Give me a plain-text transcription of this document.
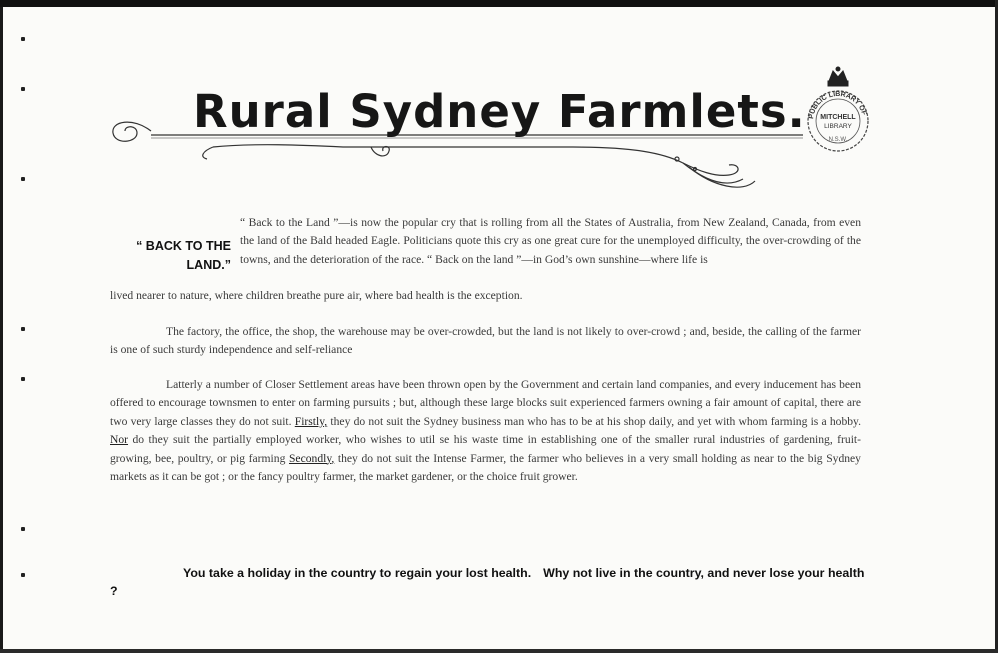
Rural Sydney Farmlets. PUBLIC LIBRARY OF
MITCHELL
LIBRARY
N.S.W.
“ BACK TO THE
LAND.”

“ Back to the Land ”—is now the popular cry that is rolling from all the States of Australia, from New Zealand, Canada, from even the land of the Bald headed Eagle. Politicians quote this cry as one great cure for the unemployed difficulty, the over-crowding of the towns, and the deterioration of the race. “ Back on the land ”—in God’s own sunshine—where life is

lived nearer to nature, where children breathe pure air, where bad health is the exception.

The factory, the office, the shop, the warehouse may be over-crowded, but the land is not likely to over-crowd ; and, beside, the calling of the farmer is one of such sturdy independence and self-reliance

Latterly a number of Closer Settlement areas have been thrown open by the Government and certain land companies, and every inducement has been offered to encourage townsmen to enter on farming pursuits ; but, although these large blocks suit experienced farmers owning a fair amount of capital, there are two very large classes they do not suit. Firstly, they do not suit the Sydney business man who has to be at his shop daily, and yet with whom farming is a hobby. Nor do they suit the partially employed worker, who wishes to util se his waste time in establishing one of the smaller rural industries of gardening, fruit-growing, bee, poultry, or pig farming Secondly, they do not suit the Intense Farmer, the farmer who believes in a very small holding as near to the big Sydney markets as it can be got ; or the fancy poultry farmer, the market gardener, or the choice fruit grower.

You take a holiday in the country to regain your lost health. Why not live in the country, and never lose your health ?
